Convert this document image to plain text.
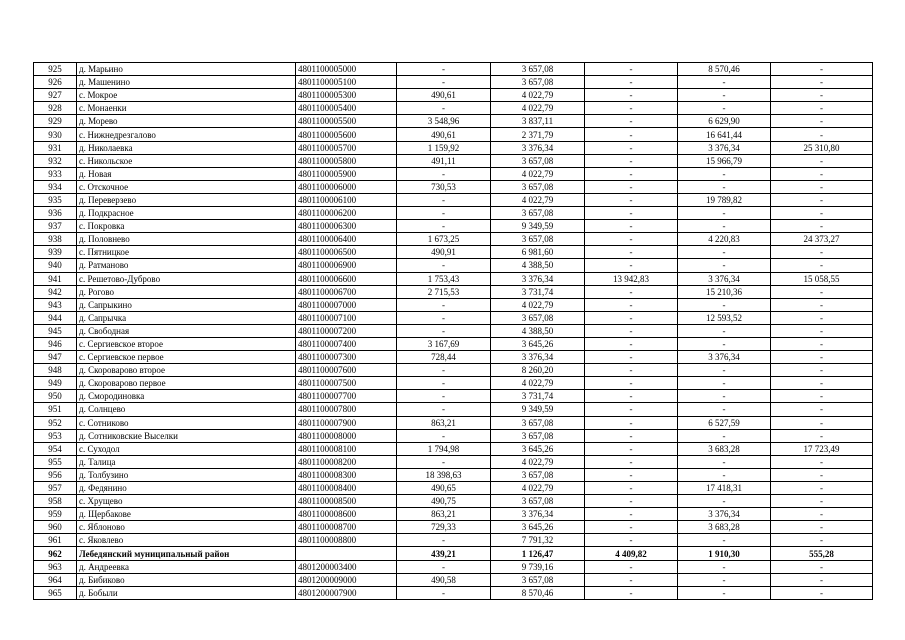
925	д. Марьино	4801100005000	-	3 657,08	-	8 570,46	-
926	д. Машенино	4801100005100	-	3 657,08	-	-	-
927	с. Мокрое	4801100005300	490,61	4 022,79	-	-	-
928	с. Монаенки	4801100005400	-	4 022,79	-	-	-
929	д. Морево	4801100005500	3 548,96	3 837,11	-	6 629,90	-
930	с. Нижнедрезгалово	4801100005600	490,61	2 371,79	-	16 641,44	-
931	д. Николаевка	4801100005700	1 159,92	3 376,34	-	3 376,34	25 310,80
932	с. Никольское	4801100005800	491,11	3 657,08	-	15 966,79	-
933	д. Новая	4801100005900	-	4 022,79	-	-	-
934	с. Отскочное	4801100006000	730,53	3 657,08	-	-	-
935	д. Переверзево	4801100006100	-	4 022,79	-	19 789,82	-
936	д. Подкрасное	4801100006200	-	3 657,08	-	-	-
937	с. Покровка	4801100006300	-	9 349,59	-	-	-
938	д. Половнево	4801100006400	1 673,25	3 657,08	-	4 220,83	24 373,27
939	с. Пятницкое	4801100006500	490,91	6 981,60	-	-	-
940	д. Ратманово	4801100006900	-	4 388,50	-	-	-
941	с. Решетово-Дуброво	4801100006600	1 753,43	3 376,34	13 942,83	3 376,34	15 058,55
942	д. Рогово	4801100006700	2 715,53	3 731,74	-	15 210,36	-
943	д. Сапрыкино	4801100007000	-	4 022,79	-	-	-
944	д. Сапрычка	4801100007100	-	3 657,08	-	12 593,52	-
945	д. Свободная	4801100007200	-	4 388,50	-	-	-
946	с. Сергиевское второе	4801100007400	3 167,69	3 645,26	-	-	-
947	с. Сергиевское первое	4801100007300	728,44	3 376,34	-	3 376,34	-
948	д. Скороварово второе	4801100007600	-	8 260,20	-	-	-
949	д. Скороварово первое	4801100007500	-	4 022,79	-	-	-
950	д. Смородиновка	4801100007700	-	3 731,74	-	-	-
951	д. Солнцево	4801100007800	-	9 349,59	-	-	-
952	с. Сотниково	4801100007900	863,21	3 657,08	-	6 527,59	-
953	д. Сотниковские Выселки	4801100008000	-	3 657,08	-	-	-
954	с. Суходол	4801100008100	1 794,98	3 645,26	-	3 683,28	17 723,49
955	д. Талица	4801100008200	-	4 022,79	-	-	-
956	д. Толбузино	4801100008300	18 398,63	3 657,08	-	-	-
957	д. Федянино	4801100008400	490,65	4 022,79	-	17 418,31	-
958	с. Хрущево	4801100008500	490,75	3 657,08	-	-	-
959	д. Щербакове	4801100008600	863,21	3 376,34	-	3 376,34	-
960	с. Яблоново	4801100008700	729,33	3 645,26	-	3 683,28	-
961	с. Яковлево	4801100008800	-	7 791,32	-	-	-
962	Лебедянский муниципальный район		439,21	1 126,47	4 409,82	1 910,30	555,28
963	д. Андреевка	4801200003400	-	9 739,16	-	-	-
964	д. Бибиково	4801200009000	490,58	3 657,08	-	-	-
965	д. Бобыли	4801200007900	-	8 570,46	-	-	-
